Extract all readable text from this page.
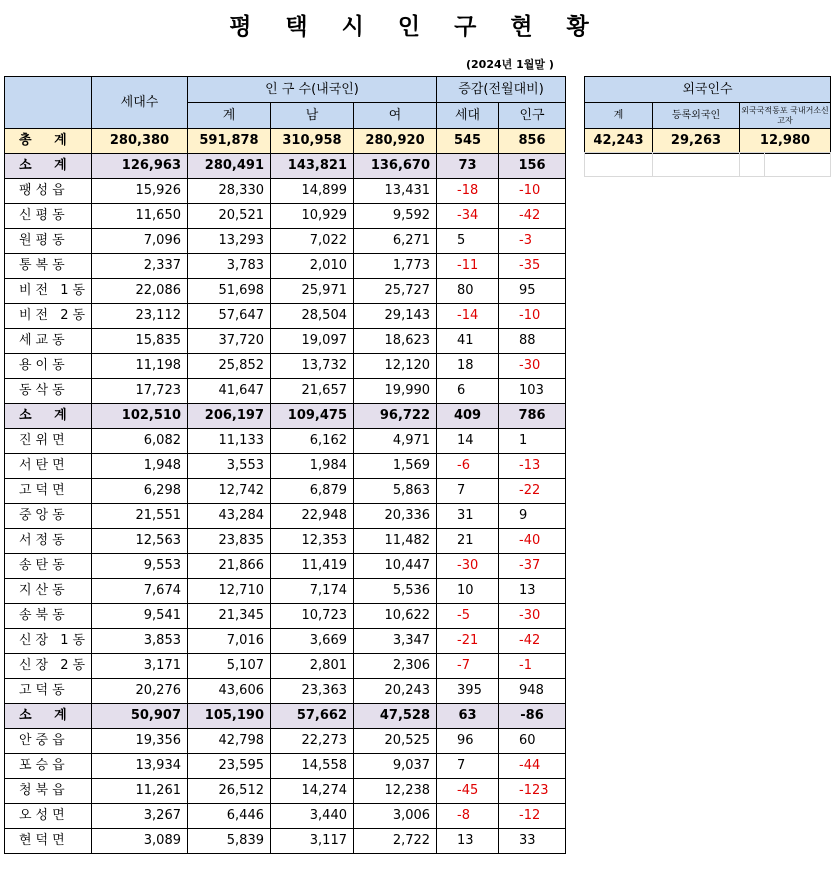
평 택 시 인 구 현 황
(2024년 1월말 )
	세대수	인 구 수(내국인)			증감(전월대비)	
		계	남	여	세대	인구
총 계	280,380	591,878	310,958	280,920	545	856
소 계	126,963	280,491	143,821	136,670	73	156
팽성읍	15,926	28,330	14,899	13,431	-18	-10
신평동	11,650	20,521	10,929	9,592	-34	-42
원평동	7,096	13,293	7,022	6,271	5	-3
통복동	2,337	3,783	2,010	1,773	-11	-35
비전 1동	22,086	51,698	25,971	25,727	80	95
비전 2동	23,112	57,647	28,504	29,143	-14	-10
세교동	15,835	37,720	19,097	18,623	41	88
용이동	11,198	25,852	13,732	12,120	18	-30
동삭동	17,723	41,647	21,657	19,990	6	103
소 계	102,510	206,197	109,475	96,722	409	786
진위면	6,082	11,133	6,162	4,971	14	1
서탄면	1,948	3,553	1,984	1,569	-6	-13
고덕면	6,298	12,742	6,879	5,863	7	-22
중앙동	21,551	43,284	22,948	20,336	31	9
서정동	12,563	23,835	12,353	11,482	21	-40
송탄동	9,553	21,866	11,419	10,447	-30	-37
지산동	7,674	12,710	7,174	5,536	10	13
송북동	9,541	21,345	10,723	10,622	-5	-30
신장 1동	3,853	7,016	3,669	3,347	-21	-42
신장 2동	3,171	5,107	2,801	2,306	-7	-1
고덕동	20,276	43,606	23,363	20,243	395	948
소 계	50,907	105,190	57,662	47,528	63	-86
안중읍	19,356	42,798	22,273	20,525	96	60
포승읍	13,934	23,595	14,558	9,037	7	-44
청북읍	11,261	26,512	14,274	12,238	-45	-123
오성면	3,267	6,446	3,440	3,006	-8	-12
현덕면	3,089	5,839	3,117	2,722	13	33
외국인수		
계	등록외국인	외국국적동포 국내거소신고자
42,243	29,263	12,980
